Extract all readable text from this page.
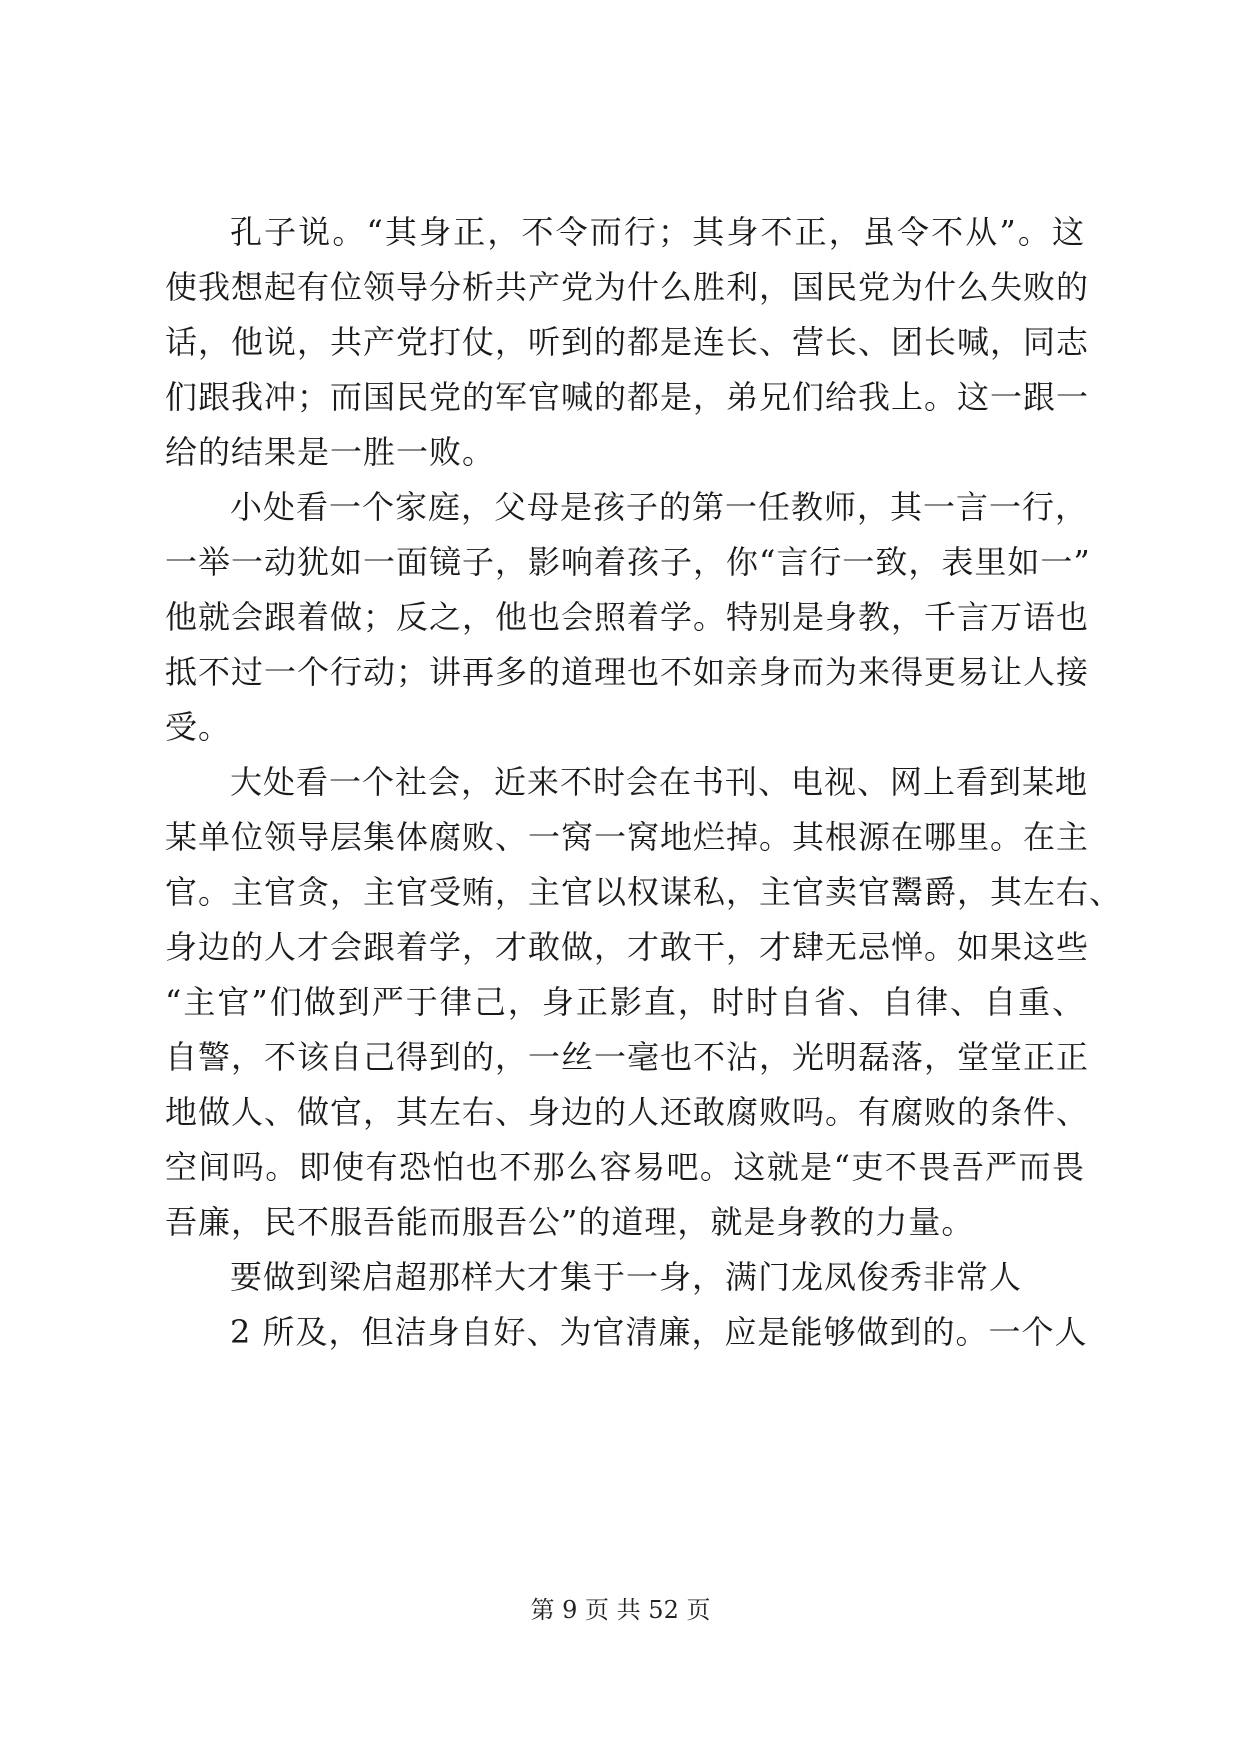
孔子说。“其身正，不令而行；其身不正，虽令不从”。这
使我想起有位领导分析共产党为什么胜利，国民党为什么失败的
话，他说，共产党打仗，听到的都是连长、营长、团长喊，同志
们跟我冲；而国民党的军官喊的都是，弟兄们给我上。这一跟一
给的结果是一胜一败。
小处看一个家庭，父母是孩子的第一任教师，其一言一行，
一举一动犹如一面镜子，影响着孩子，你“言行一致，表里如一”
他就会跟着做；反之，他也会照着学。特别是身教，千言万语也
抵不过一个行动；讲再多的道理也不如亲身而为来得更易让人接
受。
大处看一个社会，近来不时会在书刊、电视、网上看到某地
某单位领导层集体腐败、一窝一窝地烂掉。其根源在哪里。在主
官。主官贪，主官受贿，主官以权谋私，主官卖官鬻爵，其左右、
身边的人才会跟着学，才敢做，才敢干，才肆无忌惮。如果这些
“主官”们做到严于律己，身正影直，时时自省、自律、自重、
自警，不该自己得到的，一丝一毫也不沾，光明磊落，堂堂正正
地做人、做官，其左右、身边的人还敢腐败吗。有腐败的条件、
空间吗。即使有恐怕也不那么容易吧。这就是“吏不畏吾严而畏
吾廉，民不服吾能而服吾公”的道理，就是身教的力量。
要做到梁启超那样大才集于一身，满门龙凤俊秀非常人
2 所及，但洁身自好、为官清廉，应是能够做到的。一个人
第 9 页 共 52 页
